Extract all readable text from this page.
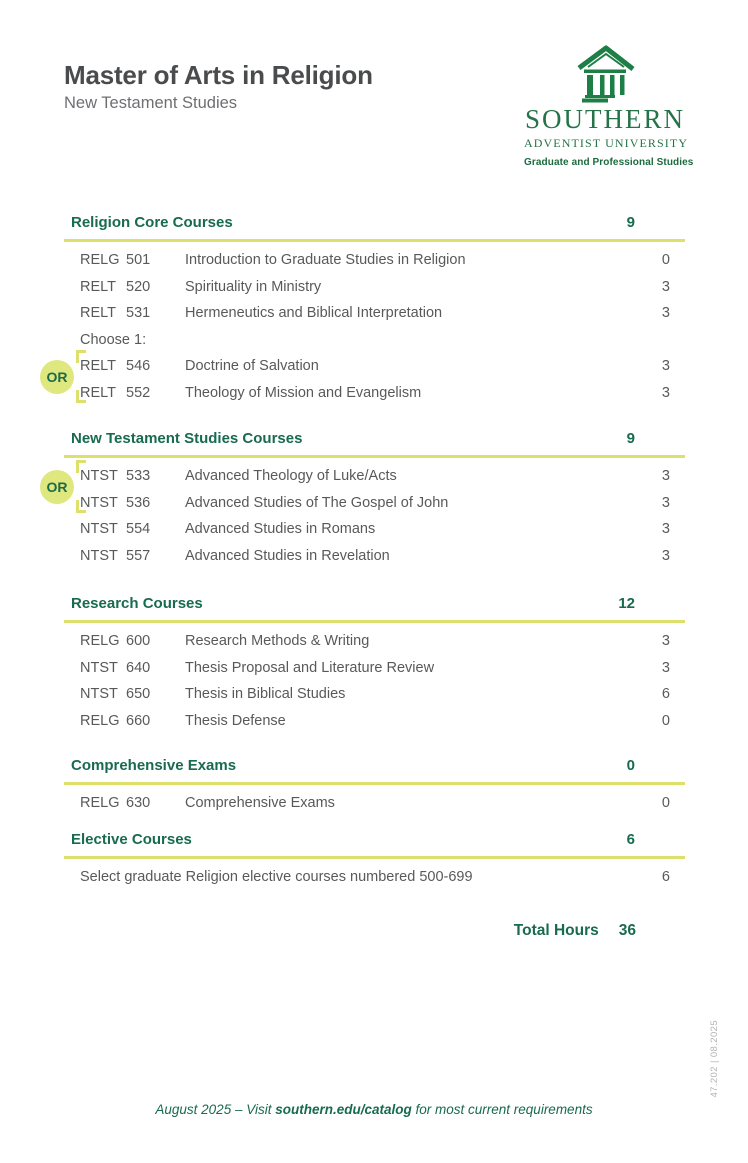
Master of Arts in Religion
New Testament Studies
SOUTHERN
ADVENTIST UNIVERSITY
Graduate and Professional Studies
Religion Core Courses	9
RELG 501 Introduction to Graduate Studies in Religion	0
RELT 520 Spirituality in Ministry	3
RELT 531 Hermeneutics and Biblical Interpretation	3
Choose 1:
RELT 546 Doctrine of Salvation	3
OR
RELT 552 Theology of Mission and Evangelism	3
New Testament Studies Courses	9
NTST 533 Advanced Theology of Luke/Acts	3
OR
NTST 536 Advanced Studies of The Gospel of John	3
NTST 554 Advanced Studies in Romans	3
NTST 557 Advanced Studies in Revelation	3
Research Courses	12
RELG 600 Research Methods & Writing	3
NTST 640 Thesis Proposal and Literature Review	3
NTST 650 Thesis in Biblical Studies	6
RELG 660 Thesis Defense	0
Comprehensive Exams	0
RELG 630 Comprehensive Exams	0
Elective Courses	6
Select graduate Religion elective courses numbered 500-699	6
Total Hours 36
August 2025 – Visit southern.edu/catalog for most current requirements
47.202 | 08.2025
